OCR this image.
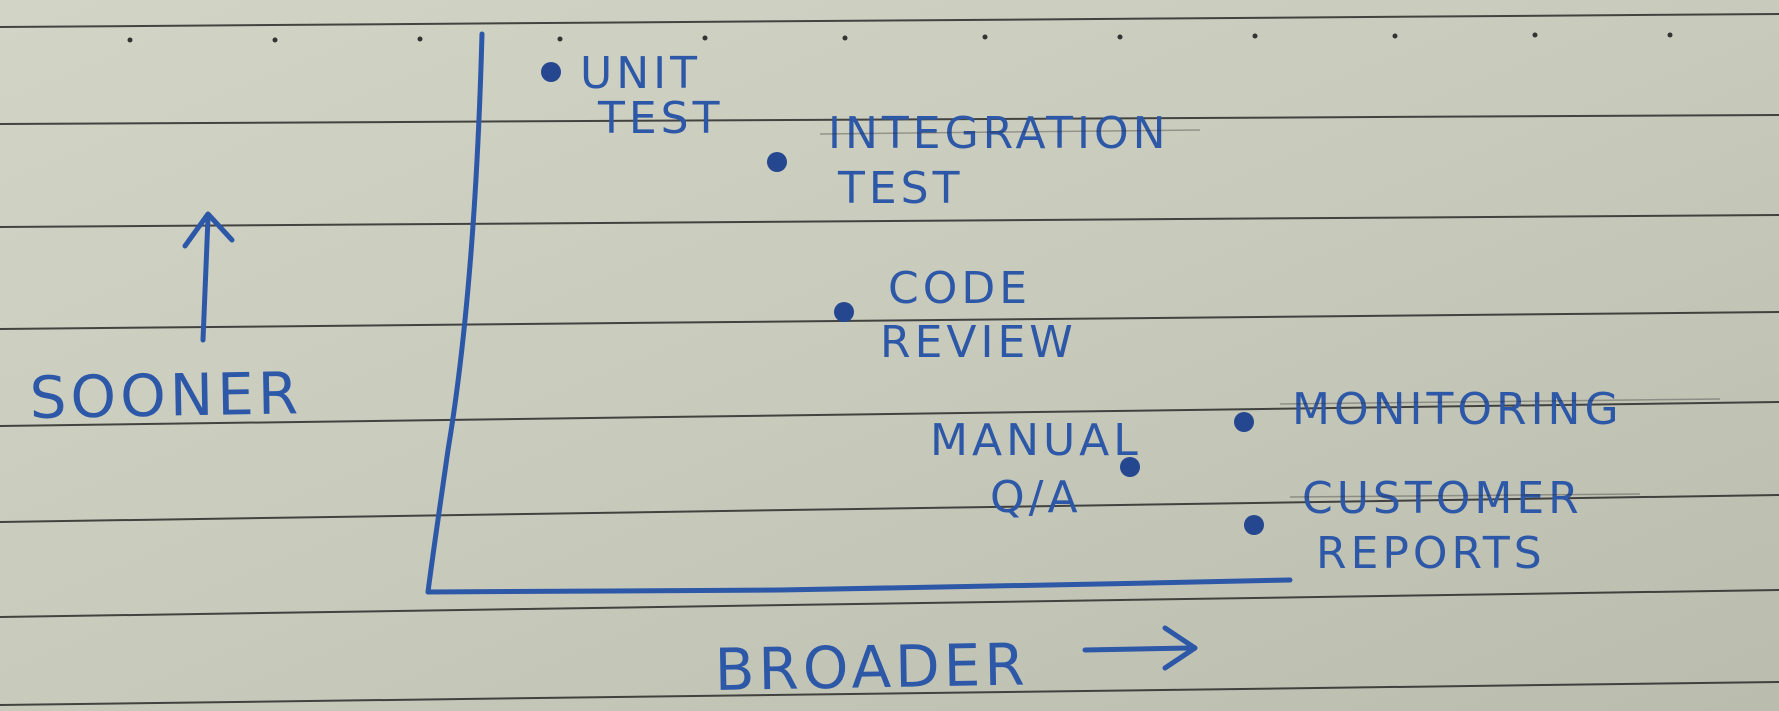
SOONER
BROADER
UNIT
TEST INTEGRATION
TEST
CODE
REVIEW
MANUAL
Q/A
MONITORING
CUSTOMER
REPORTS
